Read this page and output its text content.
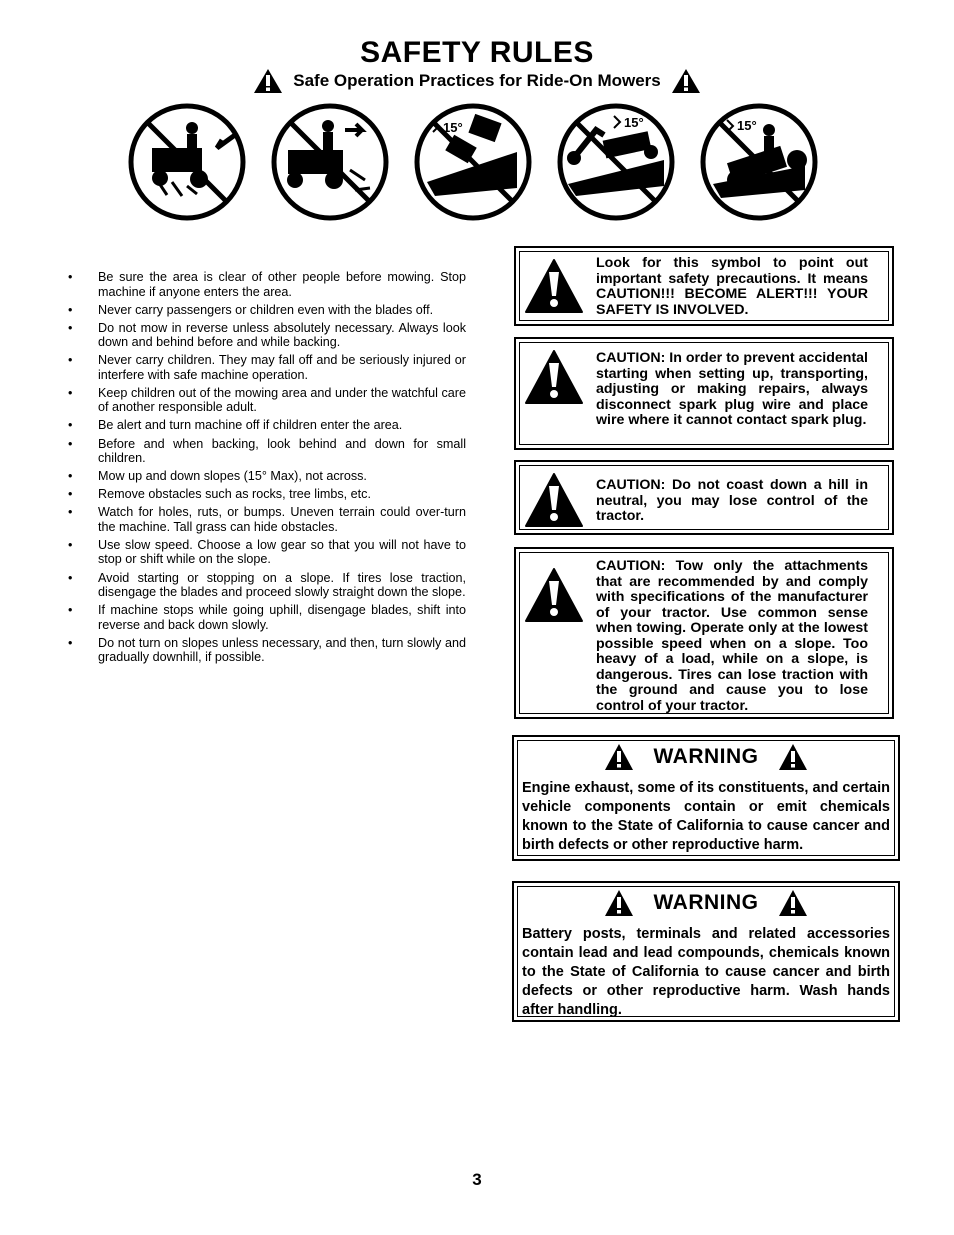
SAFETY RULES
Safe Operation Practices for Ride-On Mowers
15°	15°	15°
• Be sure the area is clear of other people before mowing. Stop machine if anyone enters the area.
• Never carry passengers or children even with the blades off.
• Do not mow in reverse unless absolutely necessary. Always look down and behind before and while backing.
• Never carry children. They may fall off and be seriously injured or interfere with safe machine operation.
• Keep children out of the mowing area and under the watchful care of another responsible adult.
• Be alert and turn machine off if children enter the area.
• Before and when backing, look behind and down for small children.
• Mow up and down slopes (15° Max), not across.
• Remove obstacles such as rocks, tree limbs, etc.
• Watch for holes, ruts, or bumps. Uneven terrain could over-turn the machine. Tall grass can hide obstacles.
• Use slow speed. Choose a low gear so that you will not have to stop or shift while on the slope.
• Avoid starting or stopping on a slope. If tires lose traction, disengage the blades and proceed slowly straight down the slope.
• If machine stops while going uphill, disengage blades, shift into reverse and back down slowly.
• Do not turn on slopes unless necessary, and then, turn slowly and gradually downhill, if possible.
Look for this symbol to point out important safety precautions. It means CAUTION!!! BECOME ALERT!!! YOUR SAFETY IS INVOLVED.
CAUTION: In order to prevent accidental starting when setting up, transporting, adjusting or making repairs, always disconnect spark plug wire and place wire where it cannot contact spark plug.
CAUTION: Do not coast down a hill in neutral, you may lose control of the tractor.
CAUTION: Tow only the attachments that are recommended by and comply with specifications of the manufacturer of your tractor. Use common sense when towing. Operate only at the lowest possible speed when on a slope. Too heavy of a load, while on a slope, is dangerous. Tires can lose traction with the ground and cause you to lose control of your tractor.
WARNING
Engine exhaust, some of its constituents, and certain vehicle components contain or emit chemicals known to the State of California to cause cancer and birth defects or other reproductive harm.
WARNING
Battery posts, terminals and related accessories contain lead and lead compounds, chemicals known to the State of California to cause cancer and birth defects or other reproductive harm. Wash hands after handling.
3
